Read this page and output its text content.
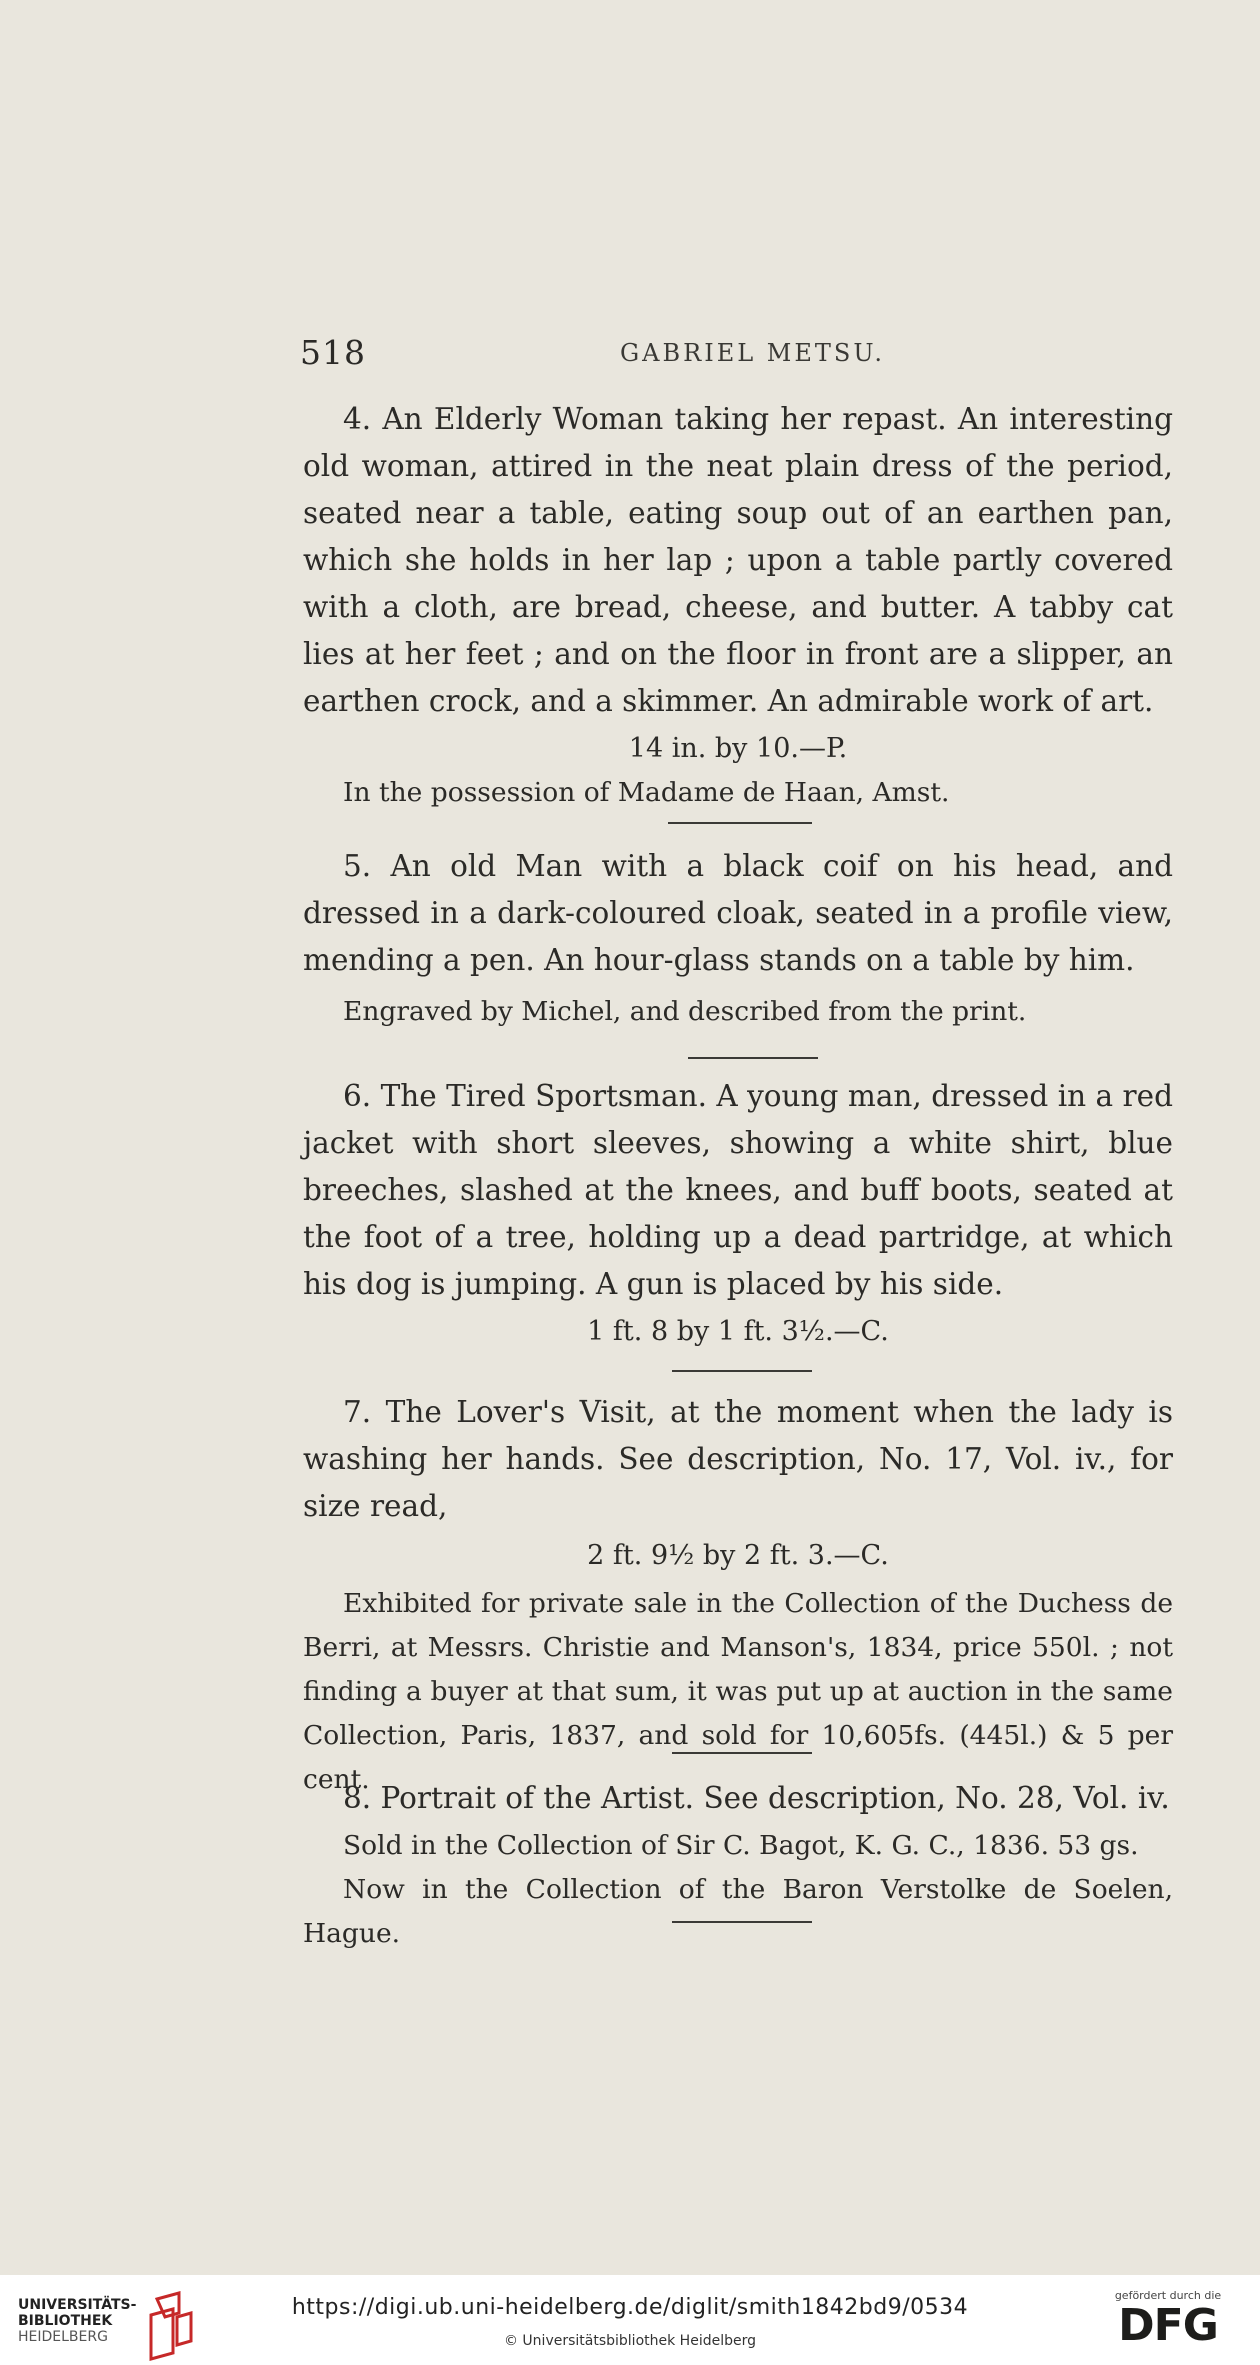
518	GABRIEL METSU.

4. An Elderly Woman taking her repast. An interesting old woman, attired in the neat plain dress of the period, seated near a table, eating soup out of an earthen pan, which she holds in her lap ; upon a table partly covered with a cloth, are bread, cheese, and butter. A tabby cat lies at her feet ; and on the floor in front are a slipper, an earthen crock, and a skimmer. An admirable work of art.

14 in. by 10.—P.

In the possession of Madame de Haan, Amst.

5. An old Man with a black coif on his head, and dressed in a dark-coloured cloak, seated in a profile view, mending a pen. An hour-glass stands on a table by him.

Engraved by Michel, and described from the print.

6. The Tired Sportsman. A young man, dressed in a red jacket with short sleeves, showing a white shirt, blue breeches, slashed at the knees, and buff boots, seated at the foot of a tree, holding up a dead partridge, at which his dog is jumping. A gun is placed by his side.

1 ft. 8 by 1 ft. 3½.—C.

7. The Lover's Visit, at the moment when the lady is washing her hands. See description, No. 17, Vol. iv., for size read,

2 ft. 9½ by 2 ft. 3.—C.

Exhibited for private sale in the Collection of the Duchess de Berri, at Messrs. Christie and Manson's, 1834, price 550l. ; not finding a buyer at that sum, it was put up at auction in the same Collection, Paris, 1837, and sold for 10,605fs. (445l.) & 5 per cent.

8. Portrait of the Artist. See description, No. 28, Vol. iv.

Sold in the Collection of Sir C. Bagot, K. G. C., 1836. 53 gs.

Now in the Collection of the Baron Verstolke de Soelen, Hague.

UNIVERSITÄTS-
BIBLIOTHEK
HEIDELBERG
https://digi.ub.uni-heidelberg.de/diglit/smith1842bd9/0534
© Universitätsbibliothek Heidelberg
gefördert durch die
DFG
